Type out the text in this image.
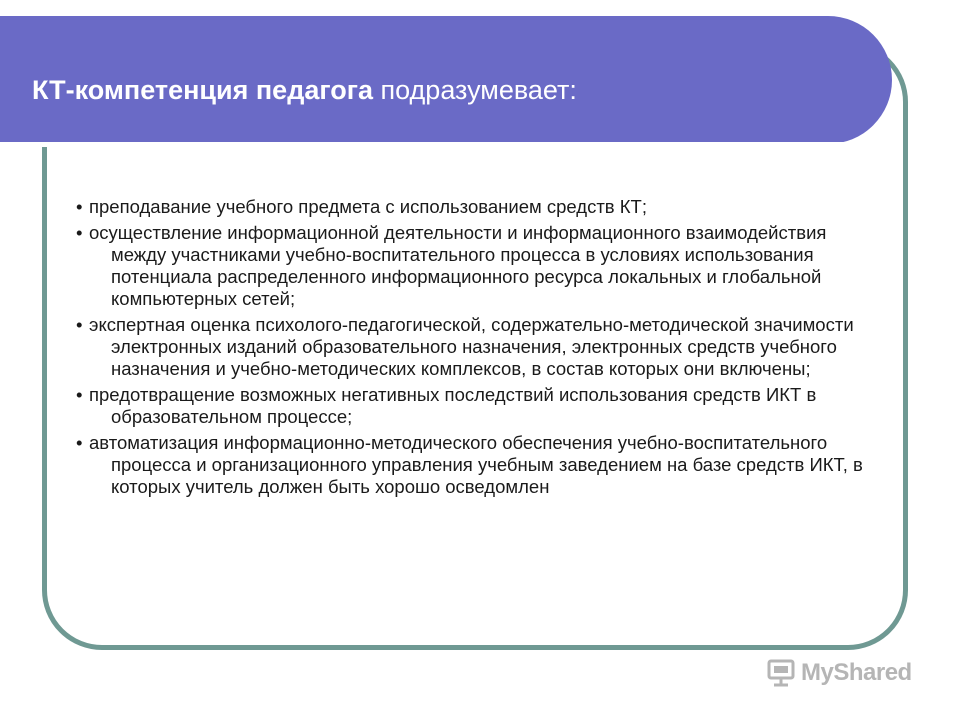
КТ-компетенция педагога подразумевает:

• преподавание учебного предмета с использованием средств КТ;

• осуществление информационной деятельности и информационного взаимодействия между участниками учебно-воспитательного процесса в условиях использования потенциала распределенного информационного ресурса локальных и глобальной компьютерных сетей;

• экспертная оценка психолого-педагогической, содержательно-методической значимости электронных изданий образовательного назначения, электронных средств учебного назначения и учебно-методических комплексов, в состав которых они включены;

• предотвращение возможных негативных последствий использования средств ИКТ в образовательном процессе;

• автоматизация информационно-методического обеспечения учебно-воспитательного процесса и организационного управления учебным заведением на базе средств ИКТ, в которых учитель должен быть хорошо осведомлен

MyShared
